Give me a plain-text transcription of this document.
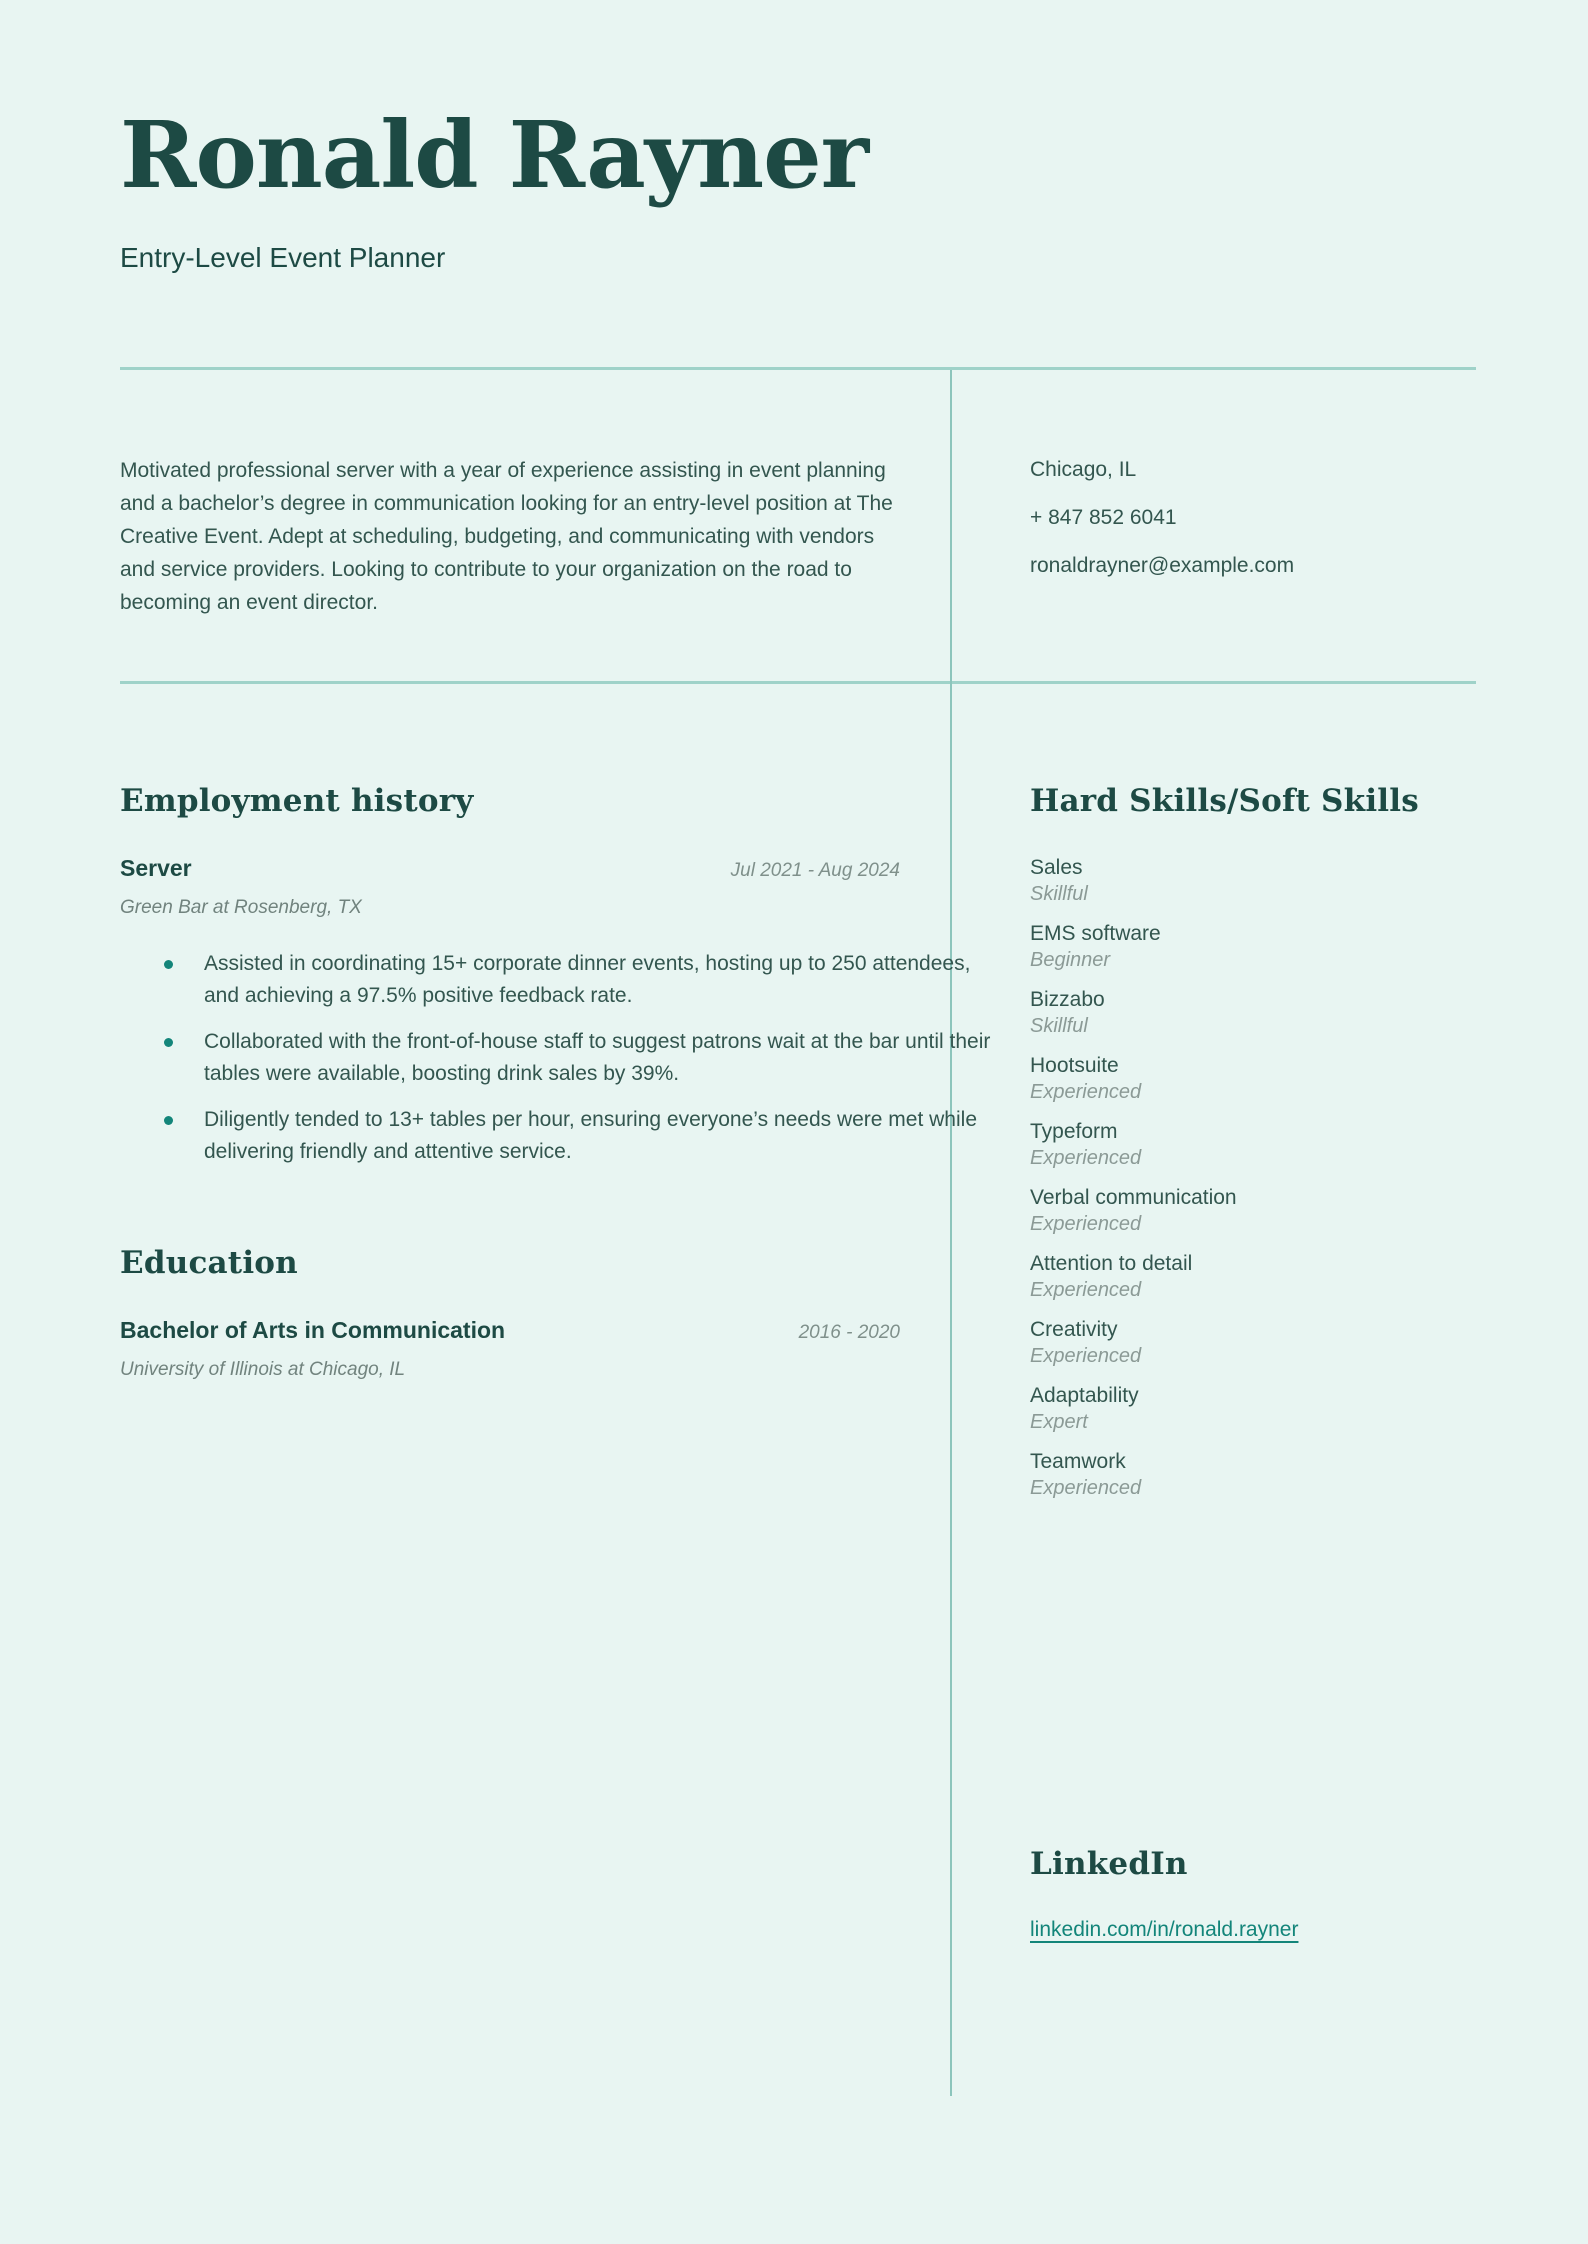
Ronald Rayner
Entry-Level Event Planner

Motivated professional server with a year of experience assisting in event planning and a bachelor’s degree in communication looking for an entry-level position at The Creative Event. Adept at scheduling, budgeting, and communicating with vendors and service providers. Looking to contribute to your organization on the road to becoming an event director.

Chicago, IL
+ 847 852 6041
ronaldrayner@example.com
Employment history
Server	Jul 2021 - Aug 2024
Green Bar at Rosenberg, TX
Assisted in coordinating 15+ corporate dinner events, hosting up to 250 attendees, and achieving a 97.5% positive feedback rate.
Collaborated with the front-of-house staff to suggest patrons wait at the bar until their tables were available, boosting drink sales by 39%.
Diligently tended to 13+ tables per hour, ensuring everyone’s needs were met while delivering friendly and attentive service.
Education
Bachelor of Arts in Communication	2016 - 2020
University of Illinois at Chicago, IL
Hard Skills/Soft Skills
Sales
Skillful
EMS software
Beginner
Bizzabo
Skillful
Hootsuite
Experienced
Typeform
Experienced
Verbal communication
Experienced
Attention to detail
Experienced
Creativity
Experienced
Adaptability
Expert
Teamwork
Experienced
LinkedIn
linkedin.com/in/ronald.rayner
